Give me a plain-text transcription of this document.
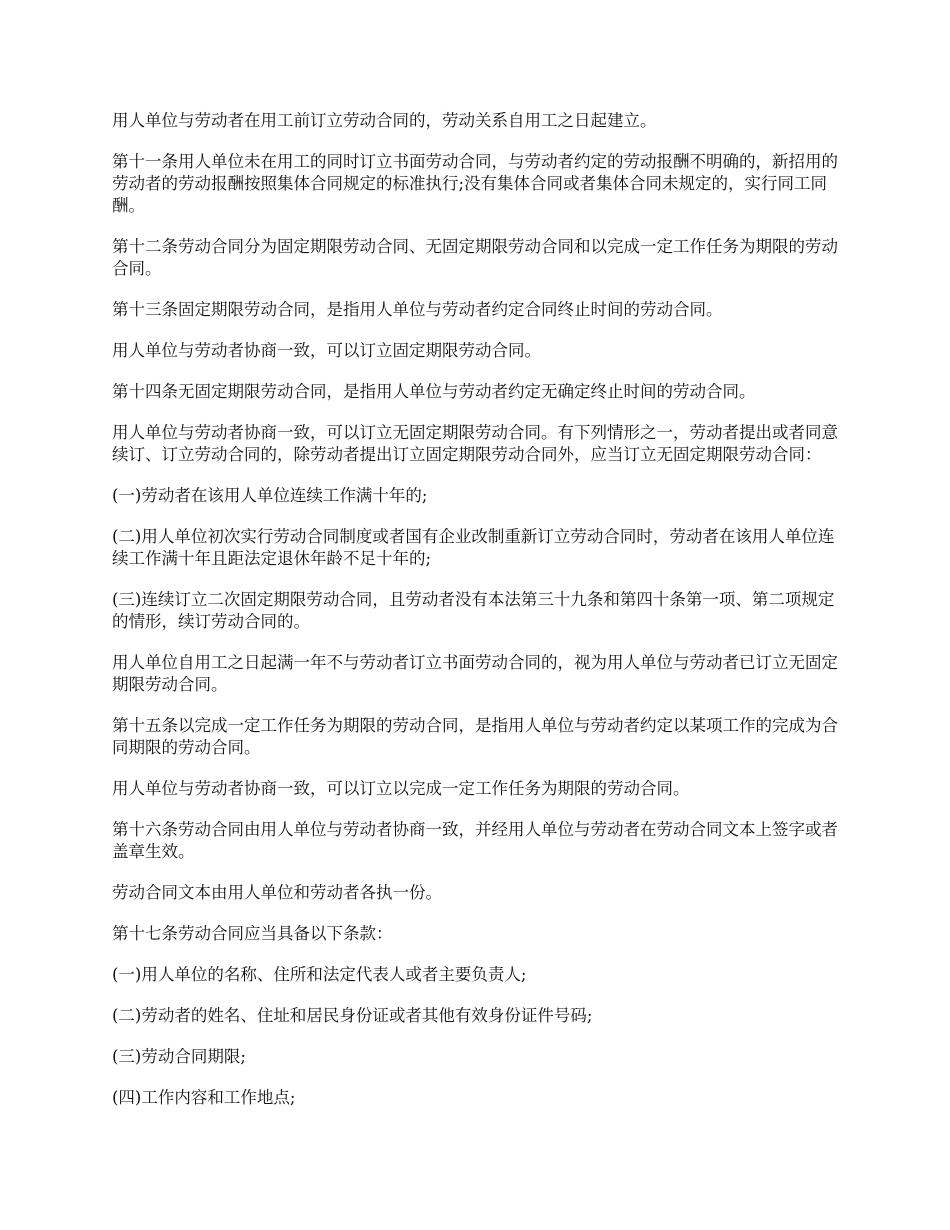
用人单位与劳动者在用工前订立劳动合同的，劳动关系自用工之日起建立。

第十一条用人单位未在用工的同时订立书面劳动合同，与劳动者约定的劳动报酬不明确的，新招用的劳动者的劳动报酬按照集体合同规定的标准执行;没有集体合同或者集体合同未规定的，实行同工同酬。

第十二条劳动合同分为固定期限劳动合同、无固定期限劳动合同和以完成一定工作任务为期限的劳动合同。

第十三条固定期限劳动合同，是指用人单位与劳动者约定合同终止时间的劳动合同。

用人单位与劳动者协商一致，可以订立固定期限劳动合同。

第十四条无固定期限劳动合同，是指用人单位与劳动者约定无确定终止时间的劳动合同。

用人单位与劳动者协商一致，可以订立无固定期限劳动合同。有下列情形之一，劳动者提出或者同意续订、订立劳动合同的，除劳动者提出订立固定期限劳动合同外，应当订立无固定期限劳动合同：

(一)劳动者在该用人单位连续工作满十年的;

(二)用人单位初次实行劳动合同制度或者国有企业改制重新订立劳动合同时，劳动者在该用人单位连续工作满十年且距法定退休年龄不足十年的;

(三)连续订立二次固定期限劳动合同，且劳动者没有本法第三十九条和第四十条第一项、第二项规定的情形，续订劳动合同的。

用人单位自用工之日起满一年不与劳动者订立书面劳动合同的，视为用人单位与劳动者已订立无固定期限劳动合同。

第十五条以完成一定工作任务为期限的劳动合同，是指用人单位与劳动者约定以某项工作的完成为合同期限的劳动合同。

用人单位与劳动者协商一致，可以订立以完成一定工作任务为期限的劳动合同。

第十六条劳动合同由用人单位与劳动者协商一致，并经用人单位与劳动者在劳动合同文本上签字或者盖章生效。

劳动合同文本由用人单位和劳动者各执一份。

第十七条劳动合同应当具备以下条款：

(一)用人单位的名称、住所和法定代表人或者主要负责人;

(二)劳动者的姓名、住址和居民身份证或者其他有效身份证件号码;

(三)劳动合同期限;

(四)工作内容和工作地点;
